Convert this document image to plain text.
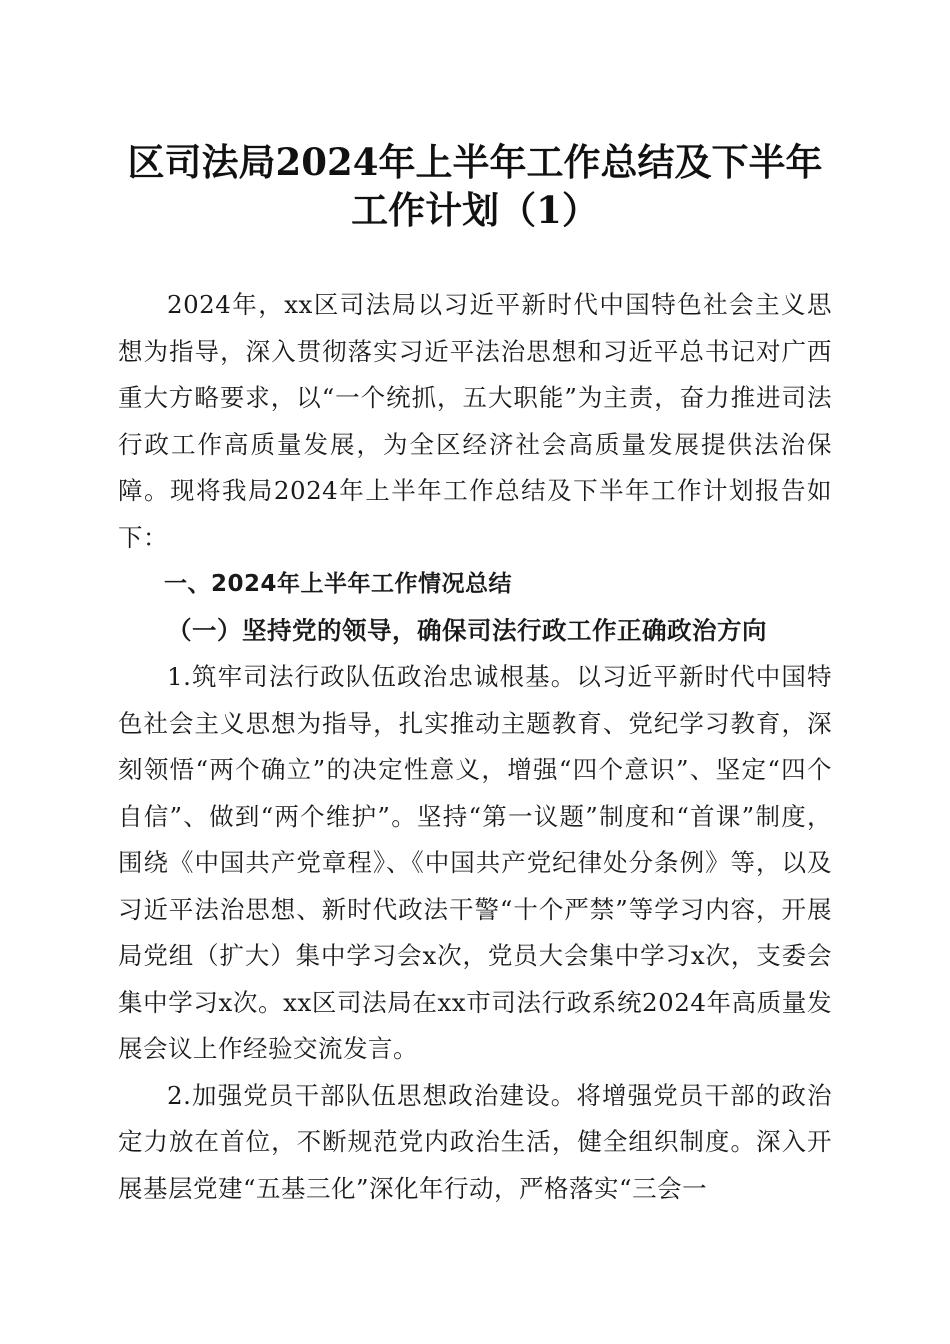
区司法局2024年上半年工作总结及下半年工作计划（1）

2024年，xx区司法局以习近平新时代中国特色社会主义思想为指导，深入贯彻落实习近平法治思想和习近平总书记对广西重大方略要求，以“一个统抓，五大职能”为主责，奋力推进司法行政工作高质量发展，为全区经济社会高质量发展提供法治保障。现将我局2024年上半年工作总结及下半年工作计划报告如下：

一、2024年上半年工作情况总结

（一）坚持党的领导，确保司法行政工作正确政治方向

1.筑牢司法行政队伍政治忠诚根基。以习近平新时代中国特色社会主义思想为指导，扎实推动主题教育、党纪学习教育，深刻领悟“两个确立”的决定性意义，增强“四个意识”、坚定“四个自信”、做到“两个维护”。坚持“第一议题”制度和“首课”制度，围绕《中国共产党章程》、《中国共产党纪律处分条例》等，以及习近平法治思想、新时代政法干警“十个严禁”等学习内容，开展局党组（扩大）集中学习会x次，党员大会集中学习x次，支委会集中学习x次。xx区司法局在xx市司法行政系统2024年高质量发展会议上作经验交流发言。

2.加强党员干部队伍思想政治建设。将增强党员干部的政治定力放在首位，不断规范党内政治生活，健全组织制度。深入开展基层党建“五基三化”深化年行动，严格落实“三会一
